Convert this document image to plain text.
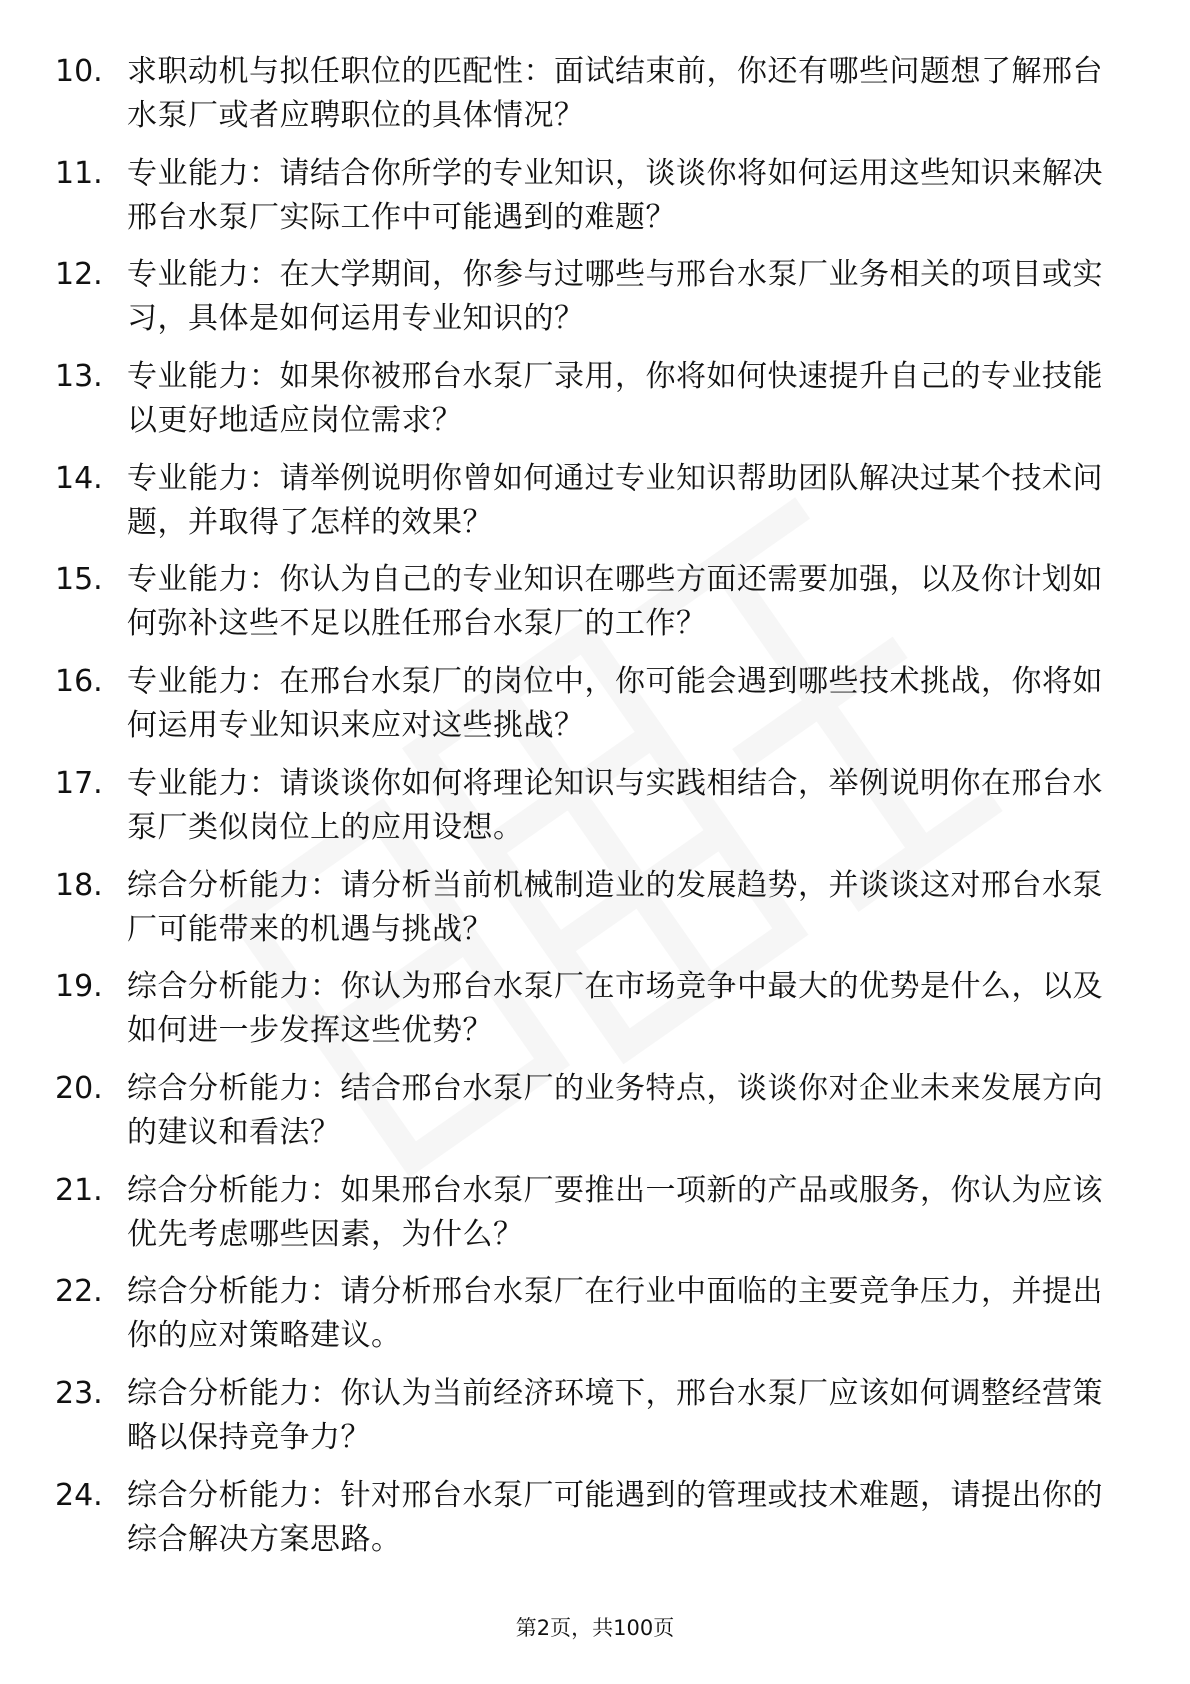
10. 求职动机与拟任职位的匹配性：面试结束前，你还有哪些问题想了解邢台水泵厂或者应聘职位的具体情况？
11. 专业能力：请结合你所学的专业知识，谈谈你将如何运用这些知识来解决邢台水泵厂实际工作中可能遇到的难题？
12. 专业能力：在大学期间，你参与过哪些与邢台水泵厂业务相关的项目或实习，具体是如何运用专业知识的？
13. 专业能力：如果你被邢台水泵厂录用，你将如何快速提升自己的专业技能以更好地适应岗位需求？
14. 专业能力：请举例说明你曾如何通过专业知识帮助团队解决过某个技术问题，并取得了怎样的效果？
15. 专业能力：你认为自己的专业知识在哪些方面还需要加强，以及你计划如何弥补这些不足以胜任邢台水泵厂的工作？
16. 专业能力：在邢台水泵厂的岗位中，你可能会遇到哪些技术挑战，你将如何运用专业知识来应对这些挑战？
17. 专业能力：请谈谈你如何将理论知识与实践相结合，举例说明你在邢台水泵厂类似岗位上的应用设想。
18. 综合分析能力：请分析当前机械制造业的发展趋势，并谈谈这对邢台水泵厂可能带来的机遇与挑战？
19. 综合分析能力：你认为邢台水泵厂在市场竞争中最大的优势是什么，以及如何进一步发挥这些优势？
20. 综合分析能力：结合邢台水泵厂的业务特点，谈谈你对企业未来发展方向的建议和看法？
21. 综合分析能力：如果邢台水泵厂要推出一项新的产品或服务，你认为应该优先考虑哪些因素，为什么？
22. 综合分析能力：请分析邢台水泵厂在行业中面临的主要竞争压力，并提出你的应对策略建议。
23. 综合分析能力：你认为当前经济环境下，邢台水泵厂应该如何调整经营策略以保持竞争力？
24. 综合分析能力：针对邢台水泵厂可能遇到的管理或技术难题，请提出你的综合解决方案思路。
第2页，共100页
